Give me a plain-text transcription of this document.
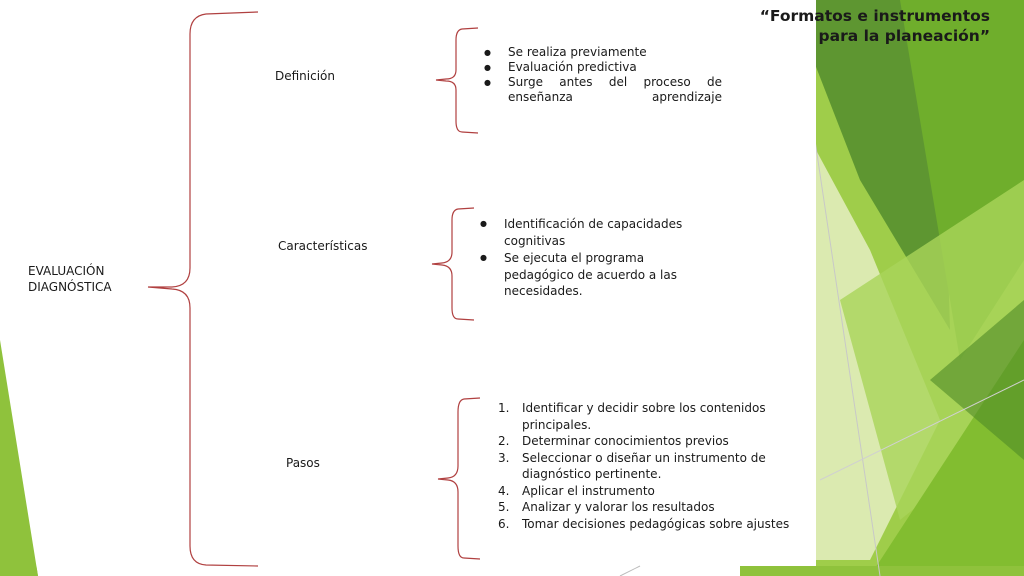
“Formatos e instrumentos
para la planeación”
EVALUACIÓN
DIAGNÓSTICA
Definición
Características
Pasos
● Se realiza previamente
● Evaluación predictiva
● Surge antes del proceso de enseñanza aprendizaje
● Identificación de capacidades cognitivas
● Se ejecuta el programa pedagógico de acuerdo a las necesidades.
1. Identificar y decidir sobre los contenidos principales.
2. Determinar conocimientos previos
3. Seleccionar o diseñar un instrumento de diagnóstico pertinente.
4. Aplicar el instrumento
5. Analizar y valorar los resultados
6. Tomar decisiones pedagógicas sobre ajustes
